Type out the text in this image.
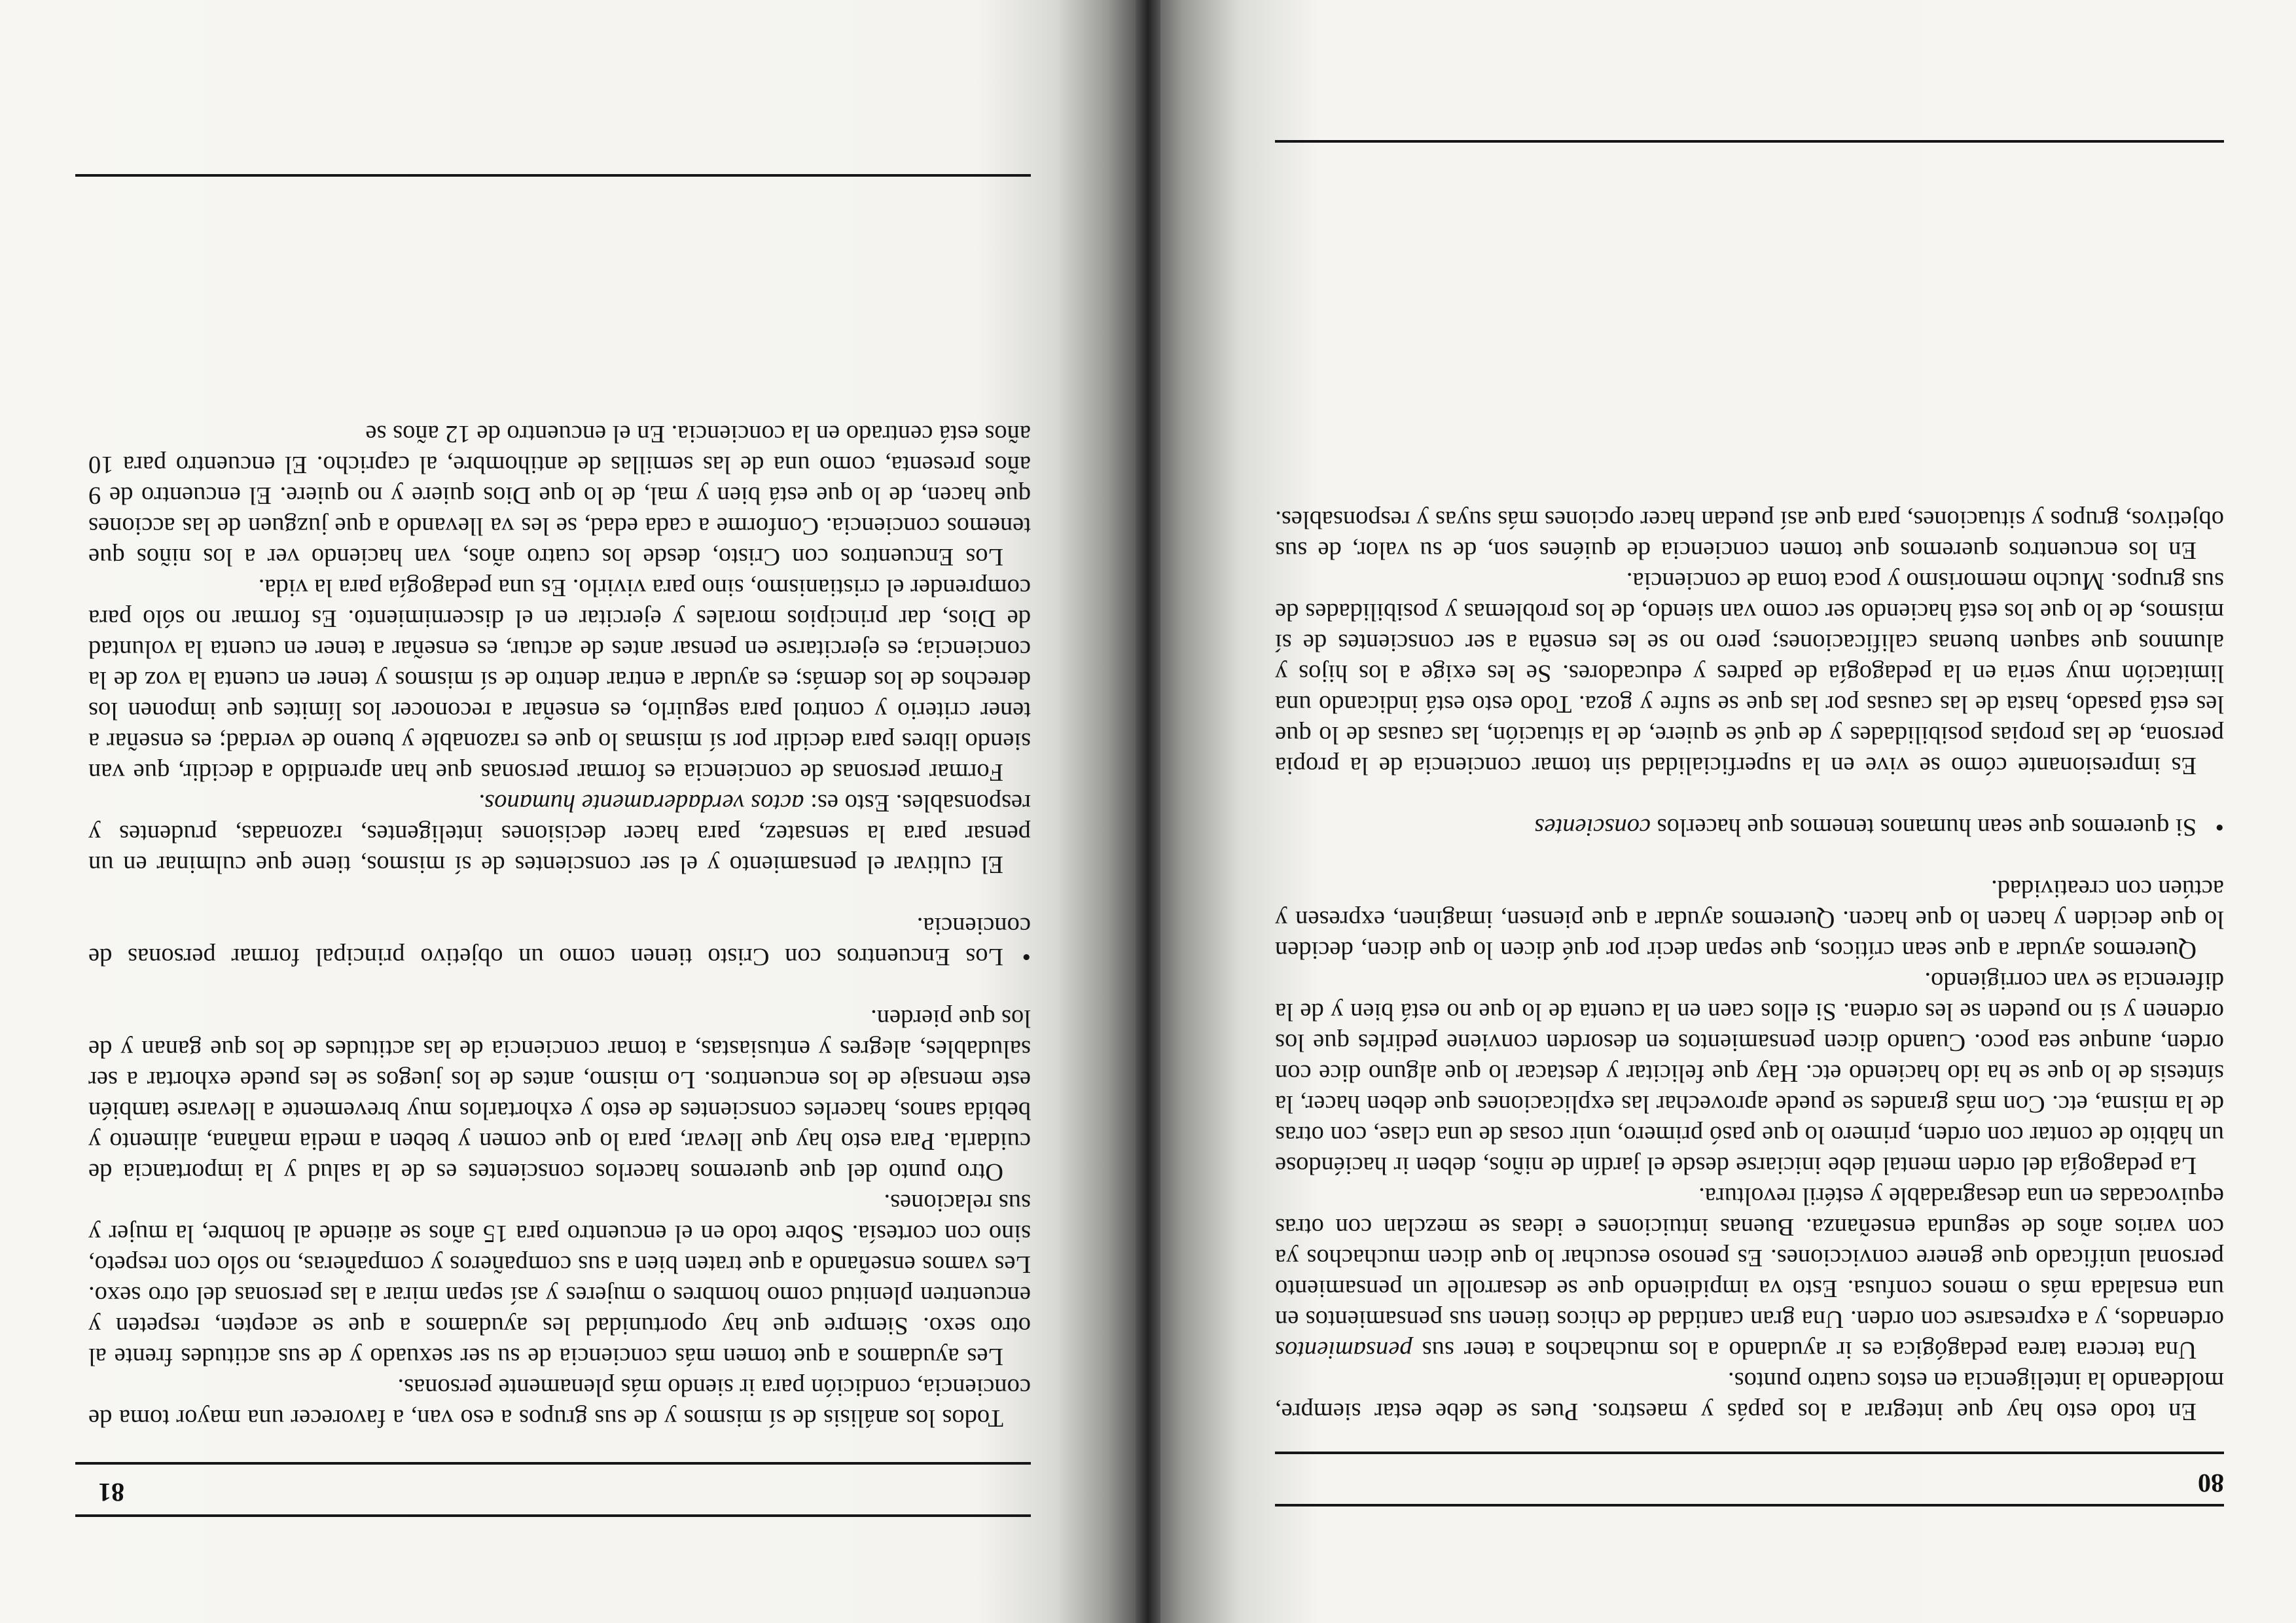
80

En todo esto hay que integrar a los papás y maestros. Pues se debe estar siempre, moldeando la inteligencia en estos cuatro puntos.

Una tercera tarea pedagógica es ir ayudando a los muchachos a tener sus pensamientos ordenados, y a expresarse con orden. Una gran cantidad de chicos tienen sus pensamientos en una ensalada más o menos confusa. Esto va impidiendo que se desarrolle un pensamiento personal unificado que genere convicciones. Es penoso escuchar lo que dicen muchachos ya con varios años de segunda enseñanza. Buenas intuiciones e ideas se mezclan con otras equivocadas en una desagradable y estéril revoltura.

La pedagogía del orden mental debe iniciarse desde el jardín de niños, deben ir haciéndose un hábito de contar con orden, primero lo que pasó primero, unir cosas de una clase, con otras de la misma, etc. Con más grandes se puede aprovechar las explicaciones que deben hacer, la síntesis de lo que se ha ido haciendo etc. Hay que felicitar y destacar lo que alguno dice con orden, aunque sea poco. Cuando dicen pensamientos en desorden conviene pedirles que los ordenen y si no pueden se les ordena. Si ellos caen en la cuenta de lo que no está bien y de la diferencia se van corrigiendo.

Queremos ayudar a que sean críticos, que sepan decir por qué dicen lo que dicen, deciden lo que deciden y hacen lo que hacen. Queremos ayudar a que piensen, imaginen, expresen y actúen con creatividad.

•Si queremos que sean humanos tenemos que hacerlos conscientes

Es impresionante cómo se vive en la superficialidad sin tomar conciencia de la propia persona, de las propias posibilidades y de qué se quiere, de la situación, las causas de lo que les está pasado, hasta de las causas por las que se sufre y goza. Todo esto está indicando una limitación muy seria en la pedagogía de padres y educadores. Se les exige a los hijos y alumnos que saquen buenas calificaciones; pero no se les enseña a ser conscientes de sí mismos, de lo que los está haciendo ser como van siendo, de los problemas y posibilidades de sus grupos. Mucho memorismo y poca toma de conciencia.

En los encuentros queremos que tomen conciencia de quiénes son, de su valor, de sus objetivos, grupos y situaciones, para que así puedan hacer opciones más suyas y responsables.

81

Todos los análisis de sí mismos y de sus grupos a eso van, a favorecer una mayor toma de conciencia, condición para ir siendo más plenamente personas.

Les ayudamos a que tomen más conciencia de su ser sexuado y de sus actitudes frente al otro sexo. Siempre que hay oportunidad les ayudamos a que se acepten, respeten y encuentren plenitud como hombres o mujeres y así sepan mirar a las personas del otro sexo. Les vamos enseñando a que traten bien a sus compañeros y compañeras, no sólo con respeto, sino con cortesía. Sobre todo en el encuentro para 15 años se atiende al hombre, la mujer y sus relaciones.

Otro punto del que queremos hacerlos conscientes es de la salud y la importancia de cuidarla. Para esto hay que llevar, para lo que comen y beben a media mañana, alimento y bebida sanos, hacerles conscientes de esto y exhortarlos muy brevemente a llevarse también este mensaje de los encuentros. Lo mismo, antes de los juegos se les puede exhortar a ser saludables, alegres y entusiastas, a tomar conciencia de las actitudes de los que ganan y de los que pierden.

•Los Encuentros con Cristo tienen como un objetivo principal formar personas de conciencia.

El cultivar el pensamiento y el ser conscientes de sí mismos, tiene que culminar en un pensar para la sensatez, para hacer decisiones inteligentes, razonadas, prudentes y responsables. Esto es: actos verdaderamente humanos.

Formar personas de conciencia es formar personas que han aprendido a decidir, que van siendo libres para decidir por sí mismas lo que es razonable y bueno de verdad; es enseñar a tener criterio y control para seguirlo, es enseñar a reconocer los límites que imponen los derechos de los demás; es ayudar a entrar dentro de sí mismos y tener en cuenta la voz de la conciencia; es ejercitarse en pensar antes de actuar, es enseñar a tener en cuenta la voluntad de Dios, dar principios morales y ejercitar en el discernimiento. Es formar no sólo para comprender el cristianismo, sino para vivirlo. Es una pedagogía para la vida.

Los Encuentros con Cristo, desde los cuatro años, van haciendo ver a los niños que tenemos conciencia. Conforme a cada edad, se les va llevando a que juzguen de las acciones que hacen, de lo que está bien y mal, de lo que Dios quiere y no quiere. El encuentro de 9 años presenta, como una de las semillas de antihombre, al capricho. El encuentro para 10 años está centrado en la conciencia. En el encuentro de 12 años se
